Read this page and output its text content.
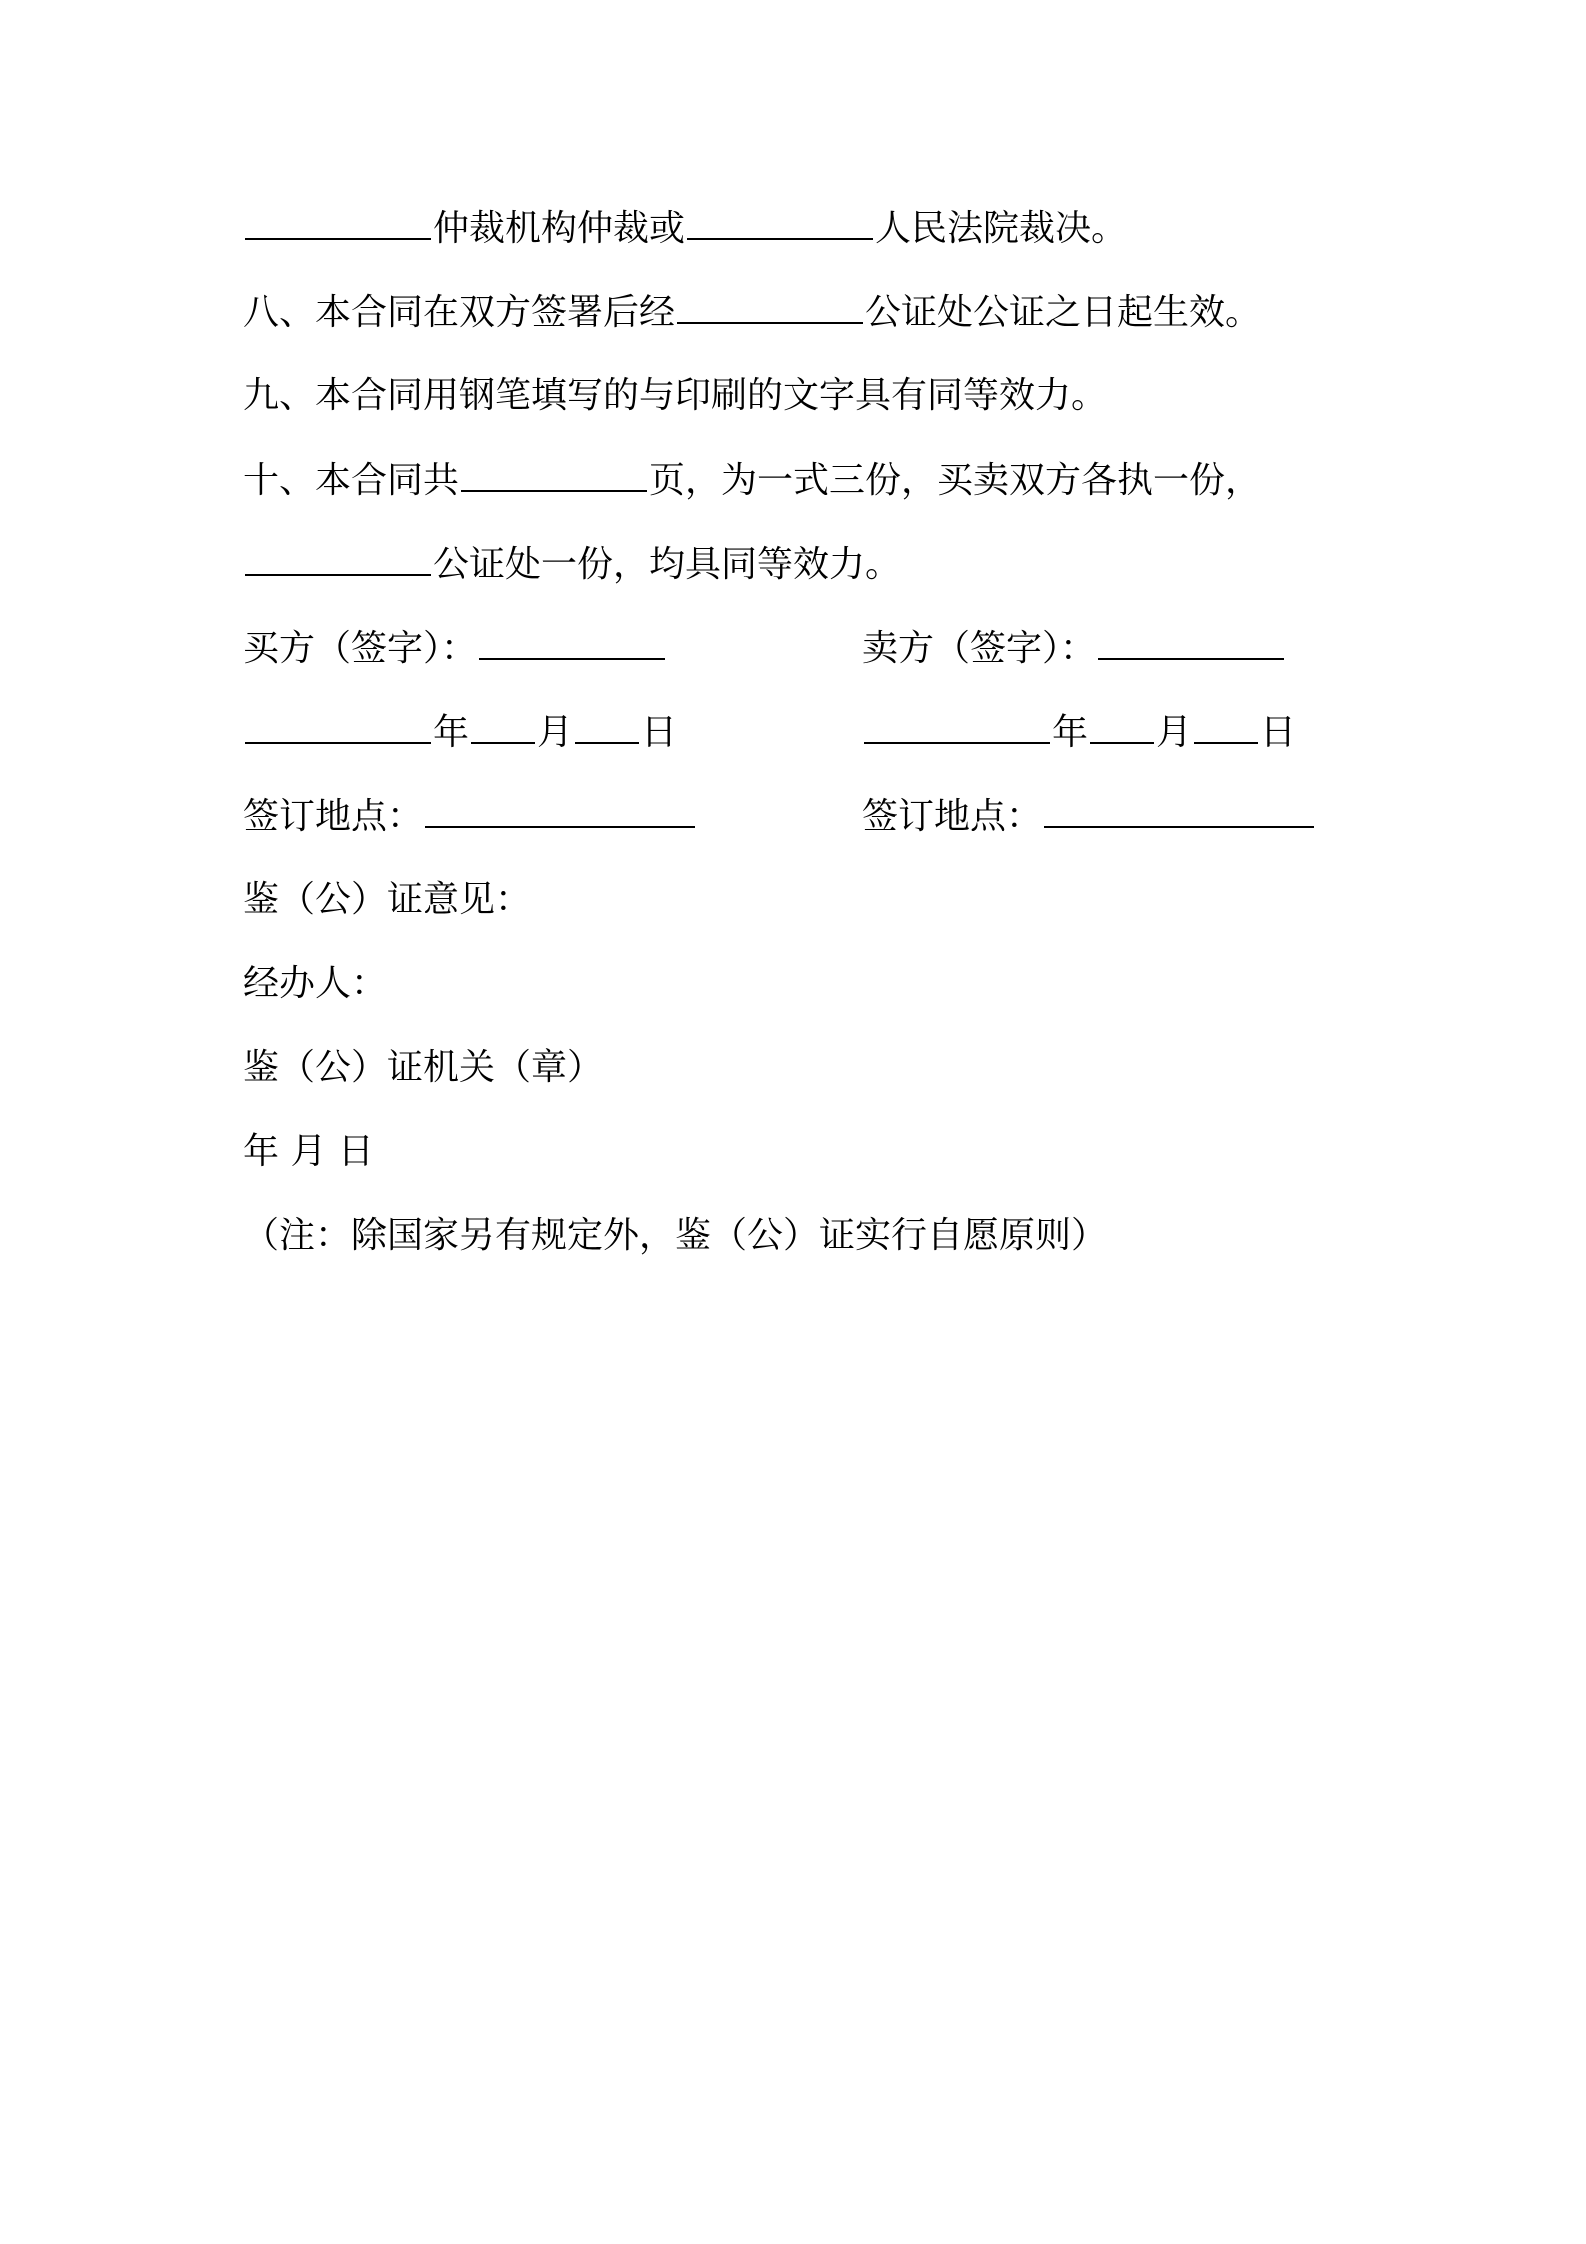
仲裁机构仲裁或	人民法院裁决。
八、本合同在双方签署后经	公证处公证之日起生效。
九、本合同用钢笔填写的与印刷的文字具有同等效力。
十、本合同共	页，为一式三份，买卖双方各执一份，
公证处一份，均具同等效力。
买方（签字）：	卖方（签字）：
年 月 日	年 月 日
签订地点：	签订地点：
鉴（公）证意见：
经办人：
鉴（公）证机关（章）
年 月 日
（注：除国家另有规定外，鉴（公）证实行自愿原则）
